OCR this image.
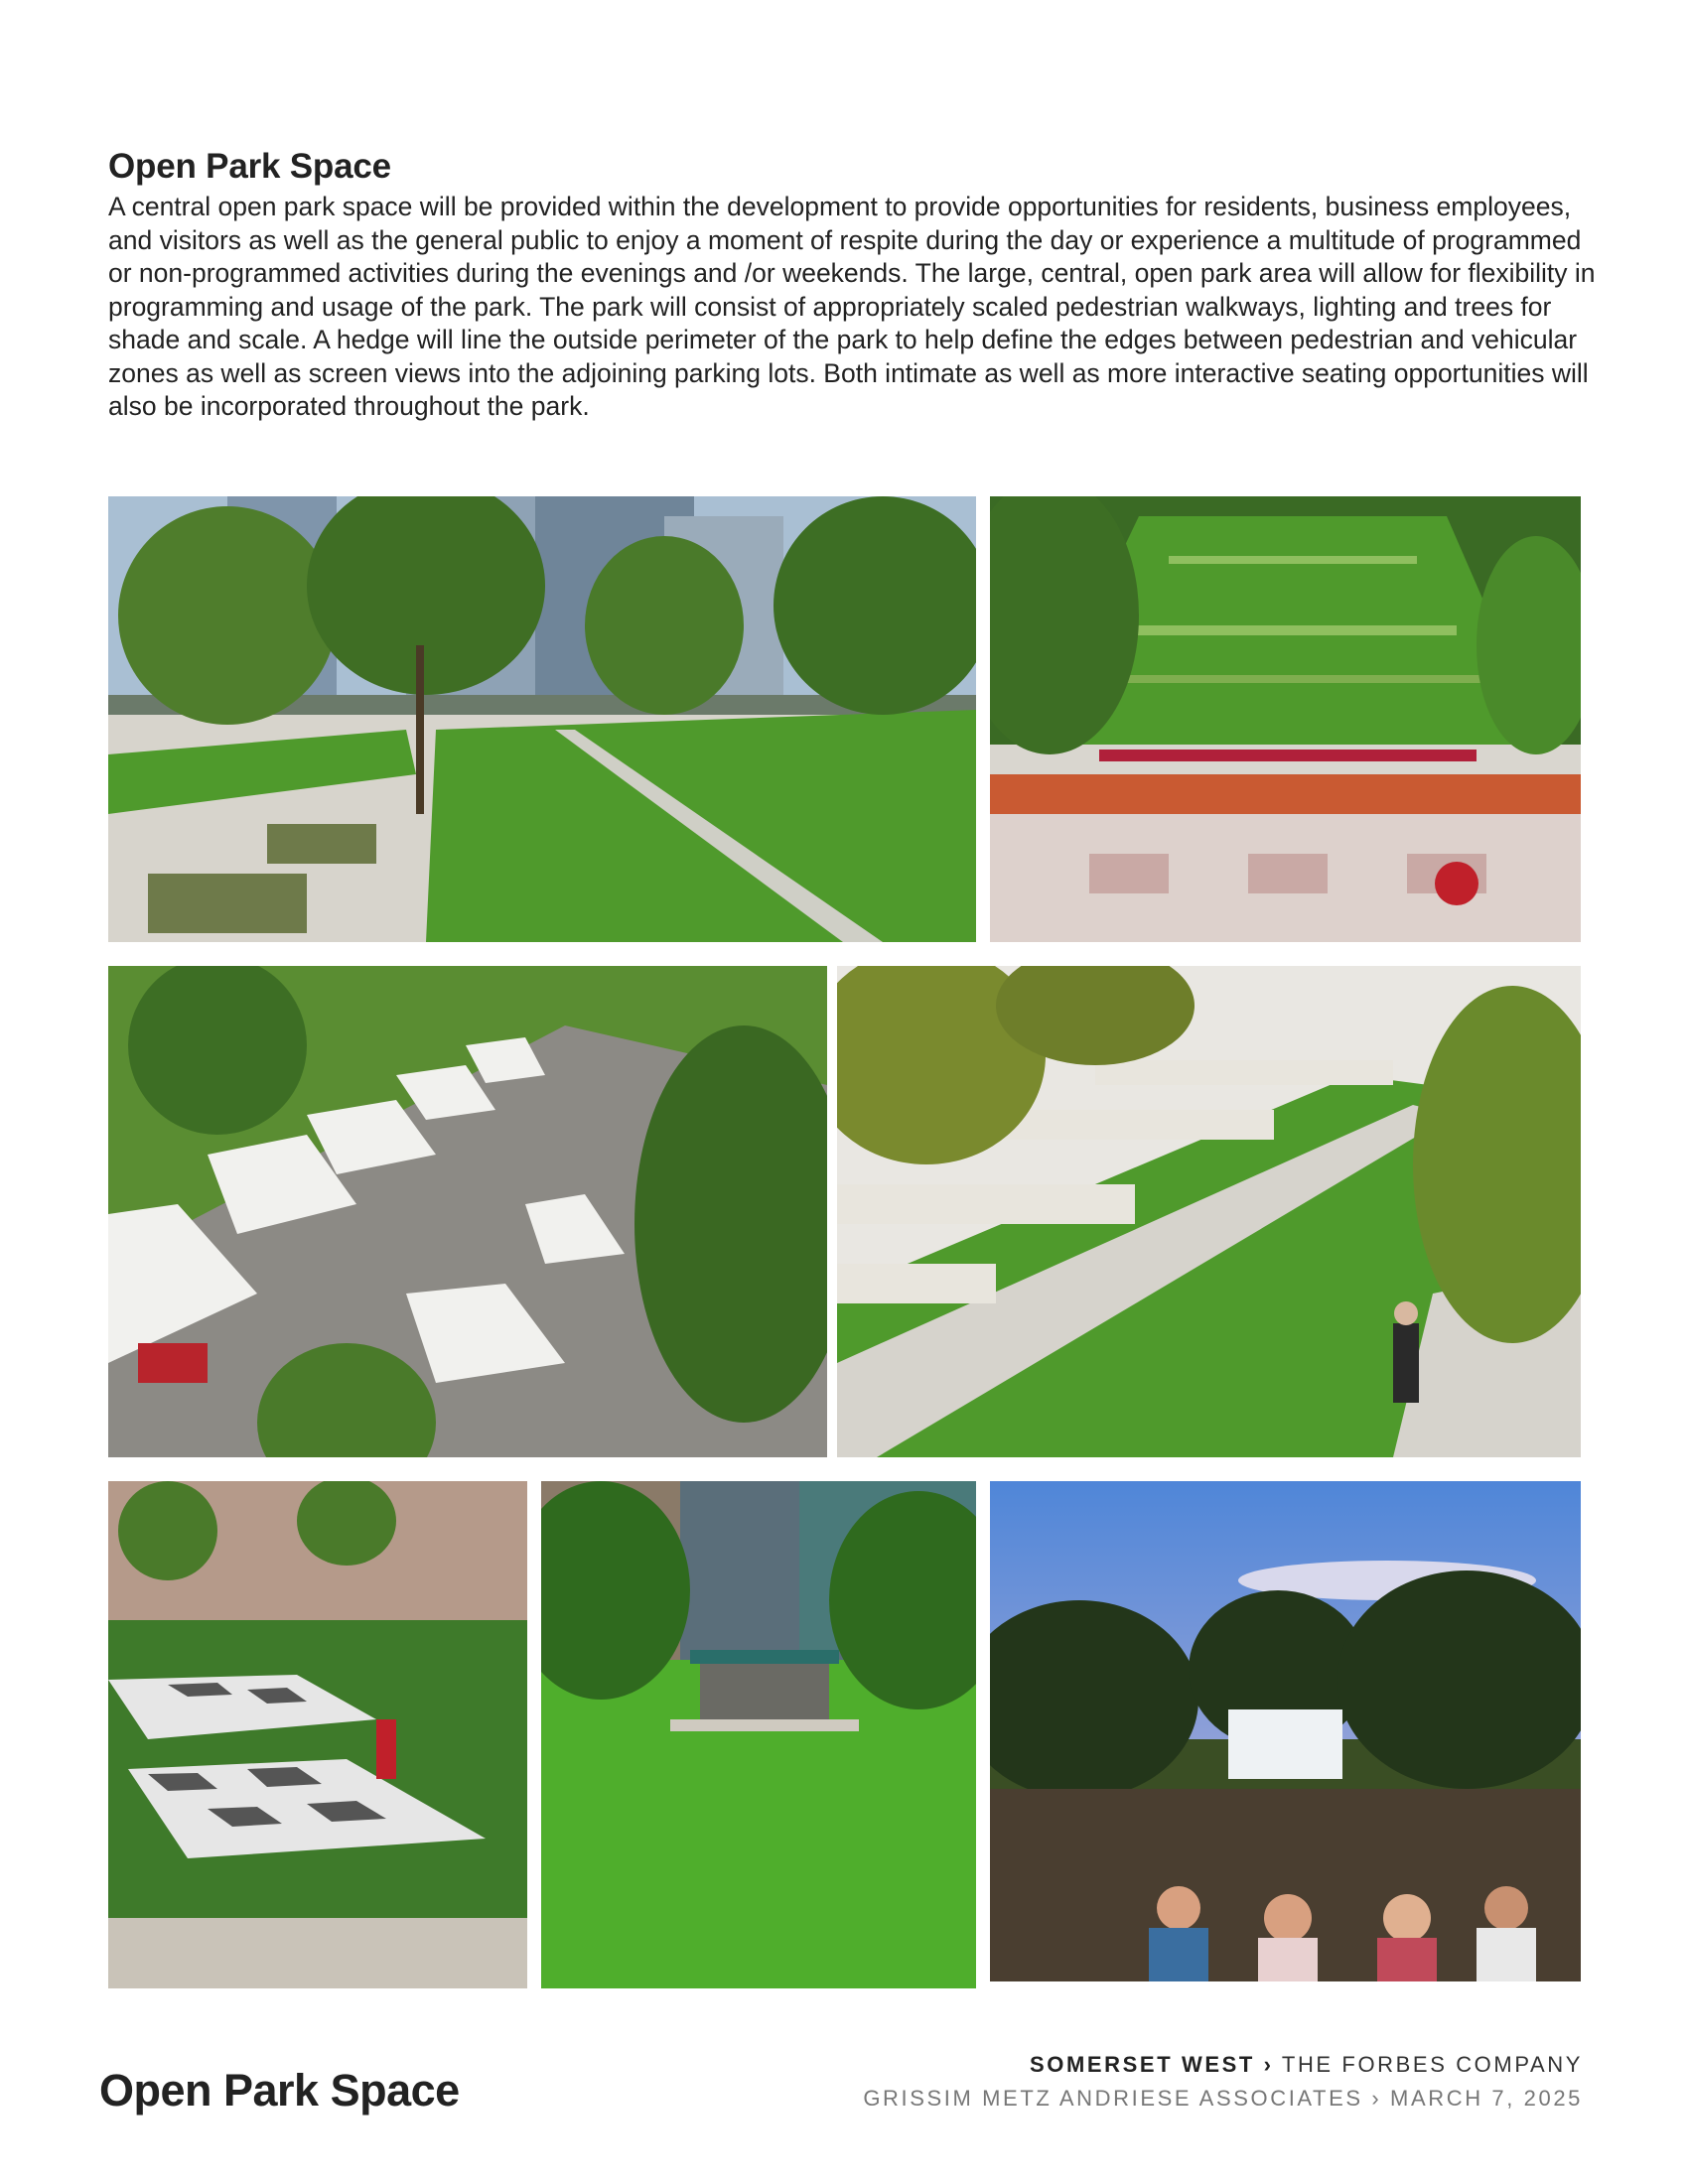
Open Park Space
A central open park space will be provided within the development to provide opportunities for residents, business employees, and visitors as well as the general public to enjoy a moment of respite during the day or experience a multitude of programmed or non-programmed activities during the evenings and /or weekends. The large, central, open park area will allow for flexibility in programming and usage of the park. The park will consist of appropriately scaled pedestrian walkways, lighting and trees for shade and scale. A hedge will line the outside perimeter of the park to help define the edges between pedestrian and vehicular zones as well as screen views into the adjoining parking lots. Both intimate as well as more interactive seating opportunities will also be incorporated throughout the park.
Open Park Space
SOMERSET WEST › THE FORBES COMPANY
GRISSIM METZ ANDRIESE ASSOCIATES › MARCH 7, 2025
